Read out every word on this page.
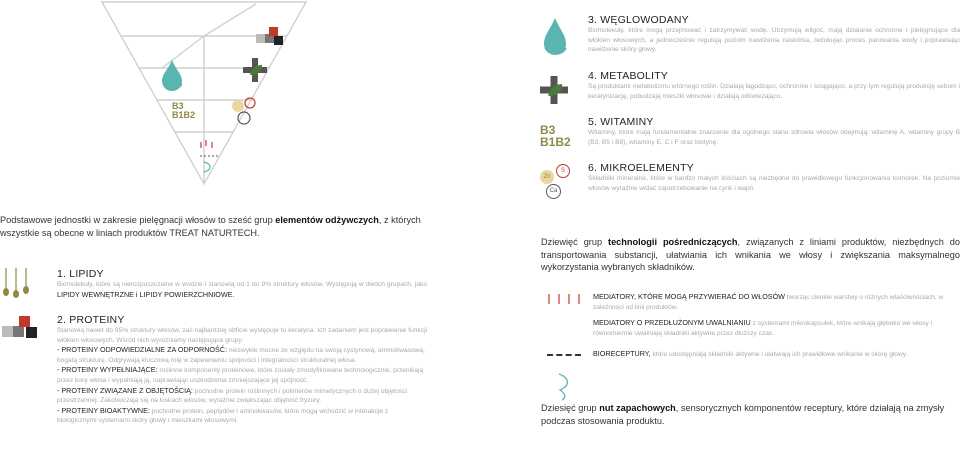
B3
B1B2
3. WĘGLOWODANY
Biomolekuły, które mogą przejmować i zatrzymywać wodę. Utrzymują wilgoć, mają działanie ochronne i pielęgnujące dla włókien włosowych, a jednocześnie regulują poziom nawilżenia naskórka, redukując proces parowania wody i poprawiając nawilżenie skóry głowy.
4. METABOLITY
Są produktami metabolizmu wtórnego roślin. Działają łagodząco, ochronnie i ściągająco, a przy tym regulują produkcję sebum i keratynizację, pobudzają mieszki włosowe i działają odświeżająco.
B3
B1B2
5. WITAMINY
Witaminy, które mają fundamentalne znaczenie dla ogólnego stanu zdrowia włosów obejmują: witaminę A, witaminy grupy B (B3, B5 i B8), witaminy E, C i F oraz biotynę.
Zn
S
Ca
6. MIKROELEMENTY
Składniki mineralne, które w bardzo małych ilościach są niezbędne do prawidłowego funkcjonowania komórek. Na poziomie włosów wyraźnie widać zapotrzebowanie na cynk i wapń.
Podstawowe jednostki w zakresie pielęgnacji włosów to sześć grup elementów odżywczych, z których wszystkie są obecne w liniach produktów TREAT NATURTECH.
1. LIPIDY
Biomolekuły, które są nierozpuszczalne w wodzie i stanowią od 1 do 9% struktury włosów. Występują w dwóch grupach, jako LIPIDY WEWNĘTRZNE i LIPIDY POWIERZCHNIOWE.
2. PROTEINY
Stanowią nawet do 95% struktury włosów, zaś najbardziej obficie występuje tu keratyna. Ich zadaniem jest poprawienie funkcji włókien włosowych. Wśród nich wyróżniamy następujące grupy:
- PROTEINY ODPOWIEDZIALNE ZA ODPORNOŚĆ: niezwykle mocne ze względu na swoją cystynową, aminokwasową, bogatą strukturę. Odgrywają kluczową rolę w zapewnieniu spójności i integralności strukturalnej włosa.
- PROTEINY WYPEŁNIAJĄCE: roślinne komponenty proteinowe, które zostały zmodyfikowane technologicznie, przenikają przez korę włosa i wypełniają ją, naprawiając uszkodzenia zmniejszające jej spójność.
- PROTEINY ZWIĄZANE Z OBJĘTOŚCIĄ: pochodne protein roślinnych i polimerów mimetycznych o dużej objętości przestrzennej. Zakotwiczają się na łuskach włosów, wyraźnie zwiększając objętość fryzury.
- PROTEINY BIOAKTYWNE: pochodne protein, peptydów i aminokwasów, które mogą wchodzić w interakcje z biologicznymi systemami skóry głowy i mieszkami włosowymi.
Dziewięć grup technologii pośredniczących, związanych z liniami produktów, niezbędnych do transportowania substancji, ułatwiania ich wnikania we włosy i zwiększania maksymalnego wykorzystania wybranych składników.
MEDIATORY, KTÓRE MOGĄ PRZYWIERAĆ DO WŁOSÓW tworząc cienkie warstwy o różnych właściwościach, w zależności od linii produktów.
MEDIATORY O PRZEDŁUŻONYM UWALNIANIU z systemami mikrokapsułek, które wnikają głęboko we włosy i równomiernie uwalniają składniki aktywne przez dłuższy czas.
BIORECEPTURY, które udostępniają składniki aktywne i ułatwiają ich prawidłowe wnikanie w skórę głowy.
Dziesięć grup nut zapachowych, sensorycznych komponentów receptury, które działają na zmysły podczas stosowania produktu.
